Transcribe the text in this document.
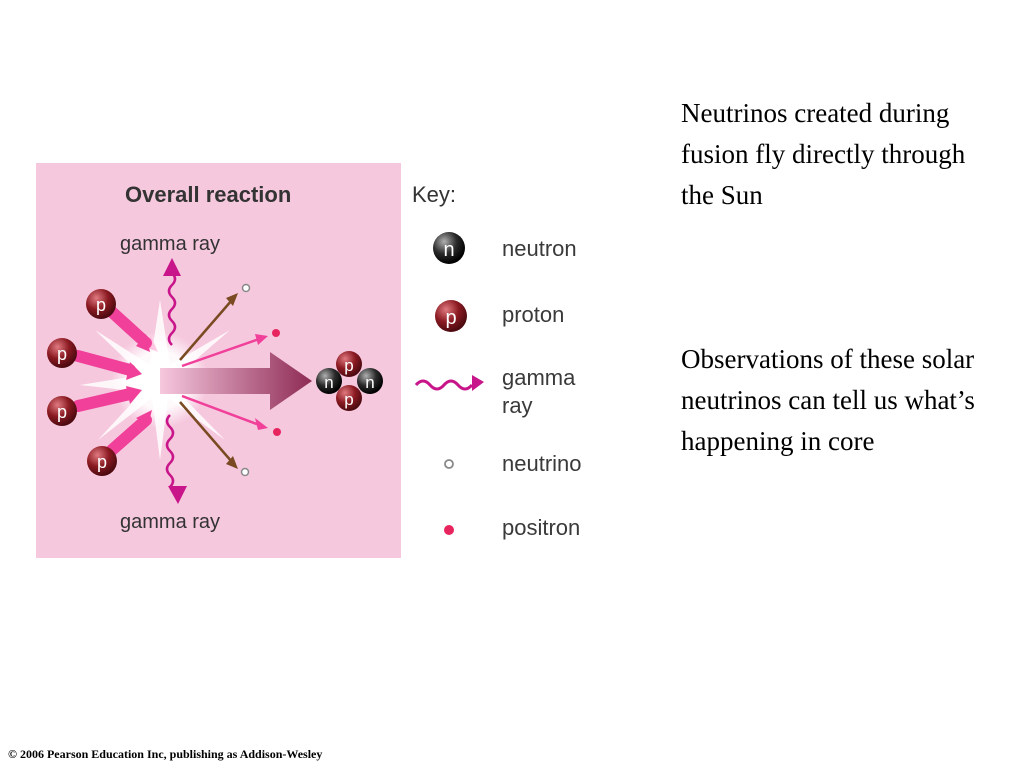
p
p
p
p
n n
p
p
n
p
Overall reaction
gamma ray
gamma ray
Key:
neutron
proton
gamma
ray
neutrino
positron
Neutrinos created during fusion fly directly through the Sun
Observations of these solar neutrinos can tell us what’s happening in core
© 2006 Pearson Education Inc, publishing as Addison-Wesley
